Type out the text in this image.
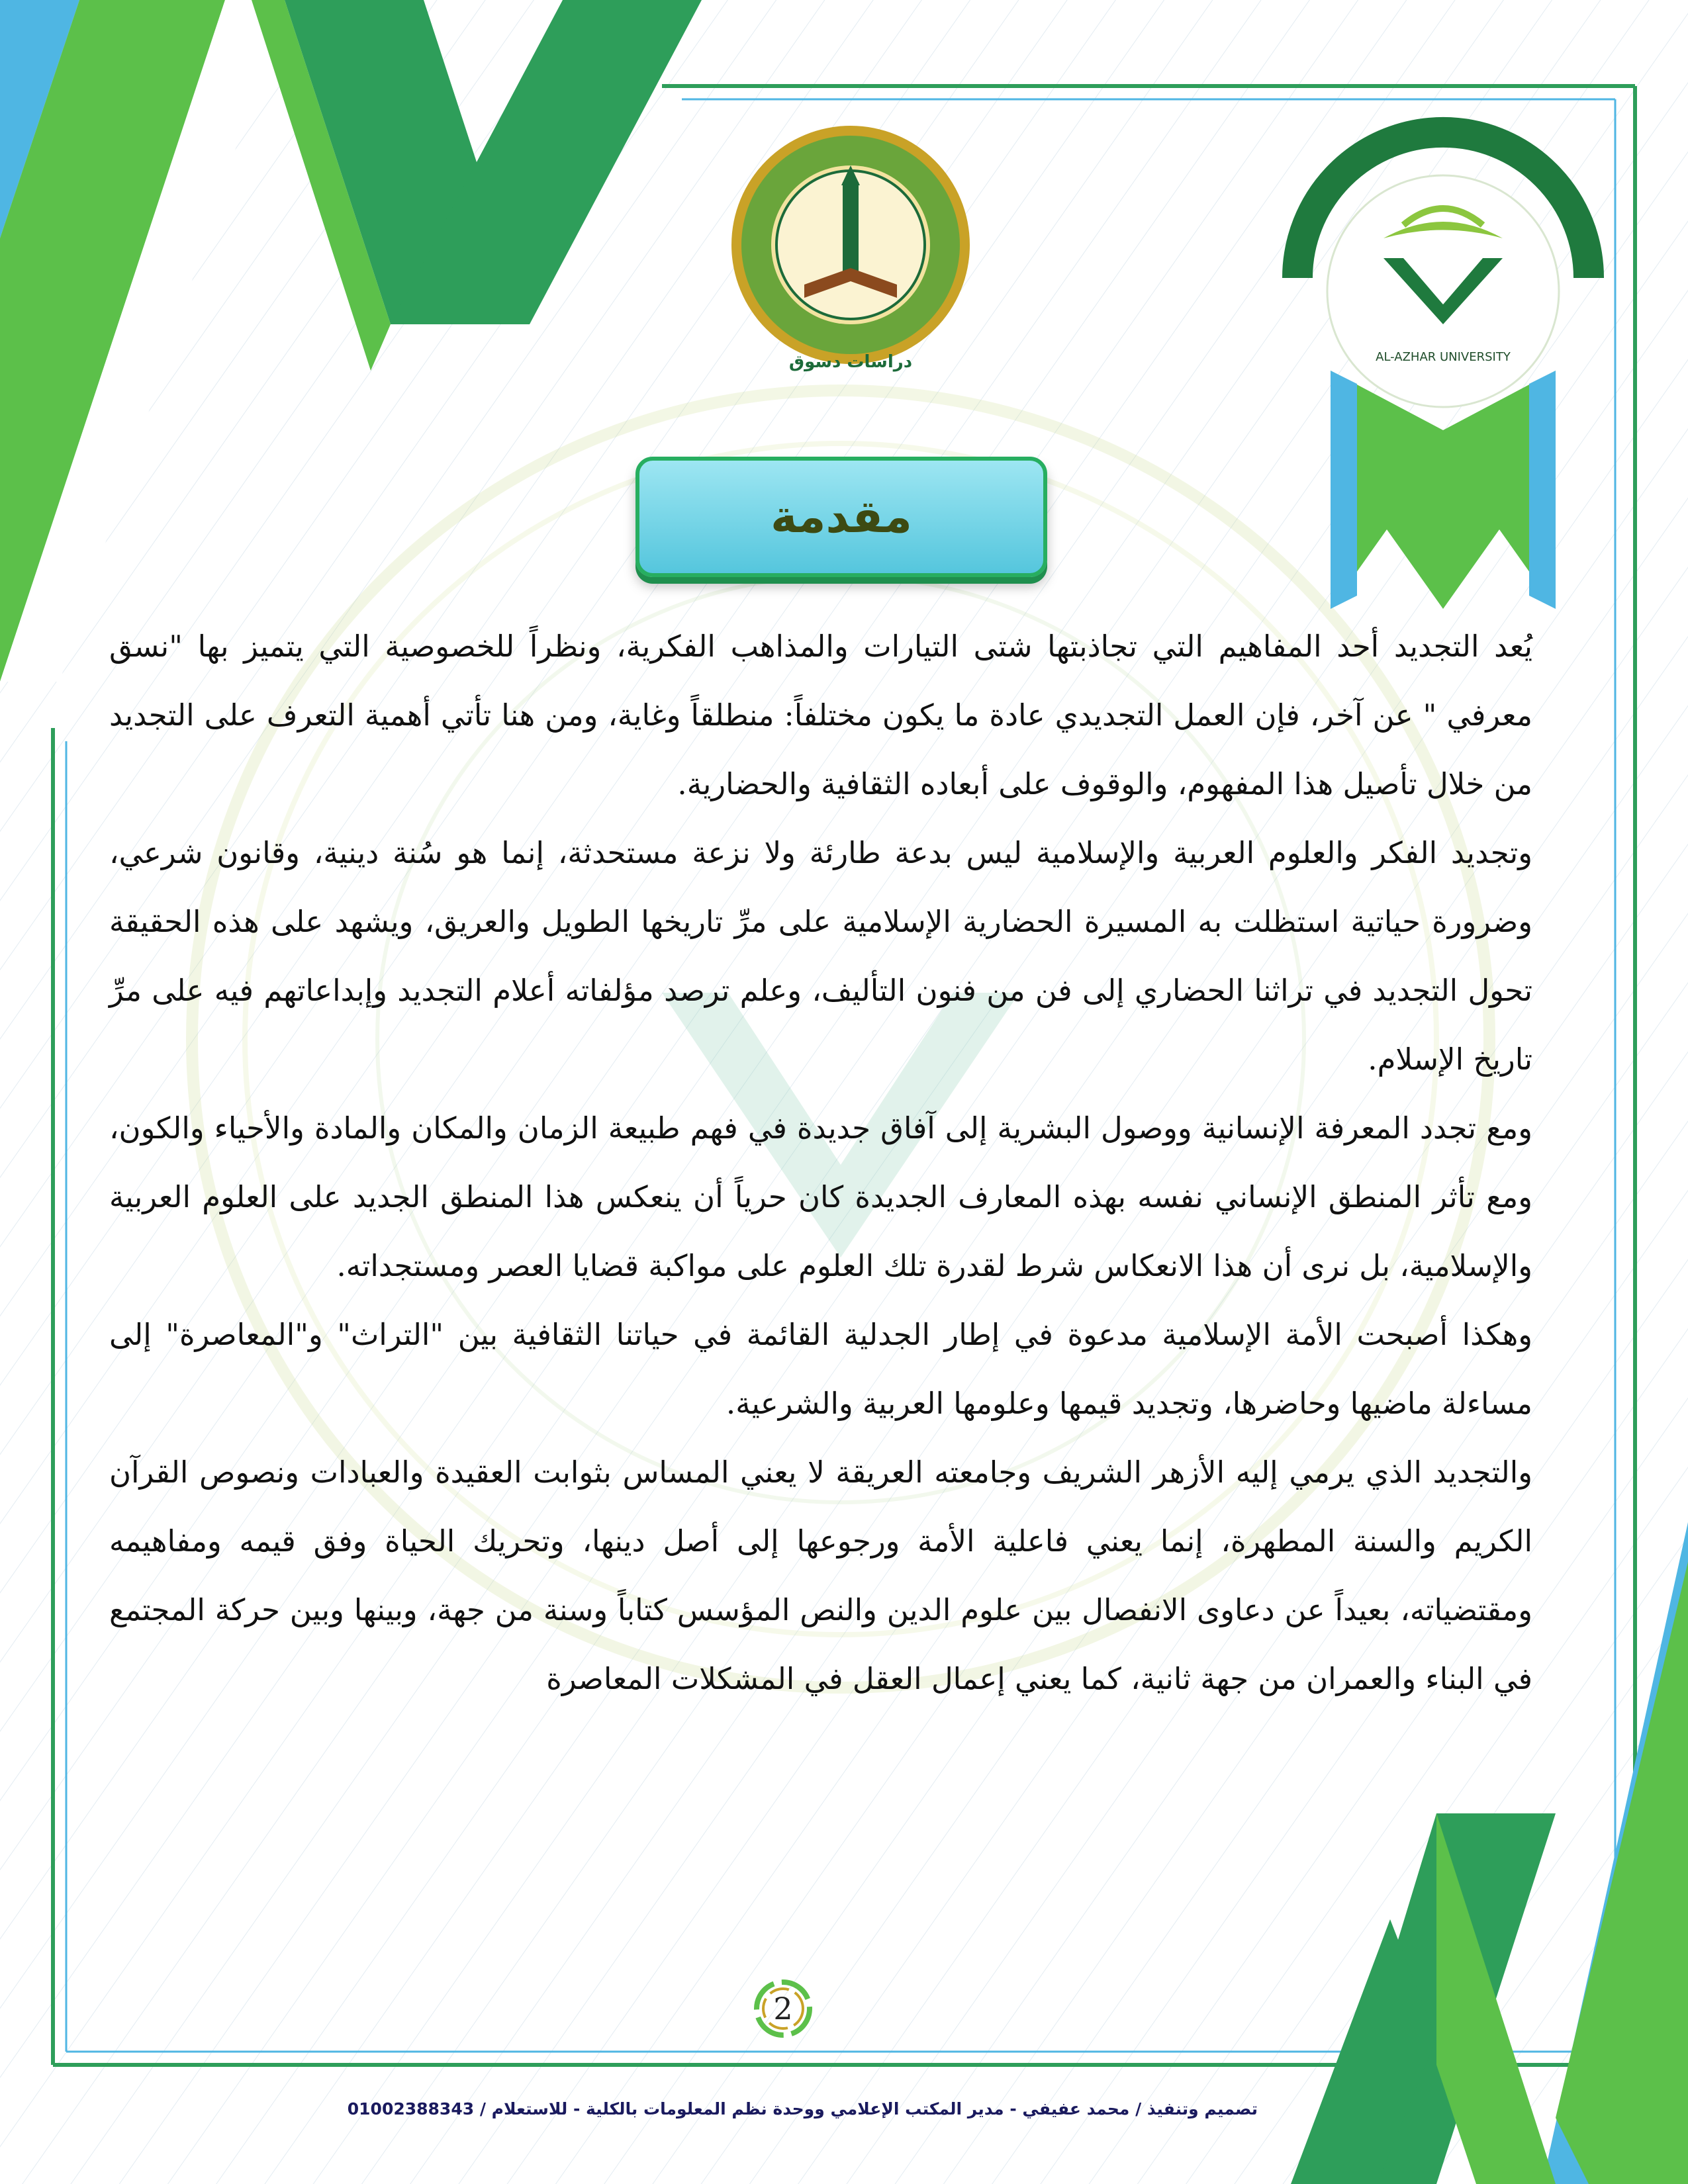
دراسات دسوق	AL-AZHAR UNIVERSITY
مقدمة

يُعد التجديد أحد المفاهيم التي تجاذبتها شتى التيارات والمذاهب الفكرية، ونظراً للخصوصية التي يتميز بها "نسق معرفي " عن آخر، فإن العمل التجديدي عادة ما يكون مختلفاً: منطلقاً وغاية، ومن هنا تأتي أهمية التعرف على التجديد من خلال تأصيل هذا المفهوم، والوقوف على أبعاده الثقافية والحضارية.

وتجديد الفكر والعلوم العربية والإسلامية ليس بدعة طارئة ولا نزعة مستحدثة، إنما هو سُنة دينية، وقانون شرعي، وضرورة حياتية استظلت به المسيرة الحضارية الإسلامية على مرِّ تاريخها الطويل والعريق، ويشهد على هذه الحقيقة تحول التجديد في تراثنا الحضاري إلى فن من فنون التأليف، وعلم ترصد مؤلفاته أعلام التجديد وإبداعاتهم فيه على مرِّ تاريخ الإسلام.

ومع تجدد المعرفة الإنسانية ووصول البشرية إلى آفاق جديدة في فهم طبيعة الزمان والمكان والمادة والأحياء والكون، ومع تأثر المنطق الإنساني نفسه بهذه المعارف الجديدة كان حرياً أن ينعكس هذا المنطق الجديد على العلوم العربية والإسلامية، بل نرى أن هذا الانعكاس شرط لقدرة تلك العلوم على مواكبة قضايا العصر ومستجداته.

وهكذا أصبحت الأمة الإسلامية مدعوة في إطار الجدلية القائمة في حياتنا الثقافية بين "التراث" و"المعاصرة" إلى مساءلة ماضيها وحاضرها، وتجديد قيمها وعلومها العربية والشرعية.

والتجديد الذي يرمي إليه الأزهر الشريف وجامعته العريقة لا يعني المساس بثوابت العقيدة والعبادات ونصوص القرآن الكريم والسنة المطهرة، إنما يعني فاعلية الأمة ورجوعها إلى أصل دينها، وتحريك الحياة وفق قيمه ومفاهيمه ومقتضياته، بعيداً عن دعاوى الانفصال بين علوم الدين والنص المؤسس كتاباً وسنة من جهة، وبينها وبين حركة المجتمع في البناء والعمران من جهة ثانية، كما يعني إعمال العقل في المشكلات المعاصرة

2
تصميم وتنفيذ / محمد عفيفي - مدير المكتب الإعلامي ووحدة نظم المعلومات بالكلية - للاستعلام / 01002388343
